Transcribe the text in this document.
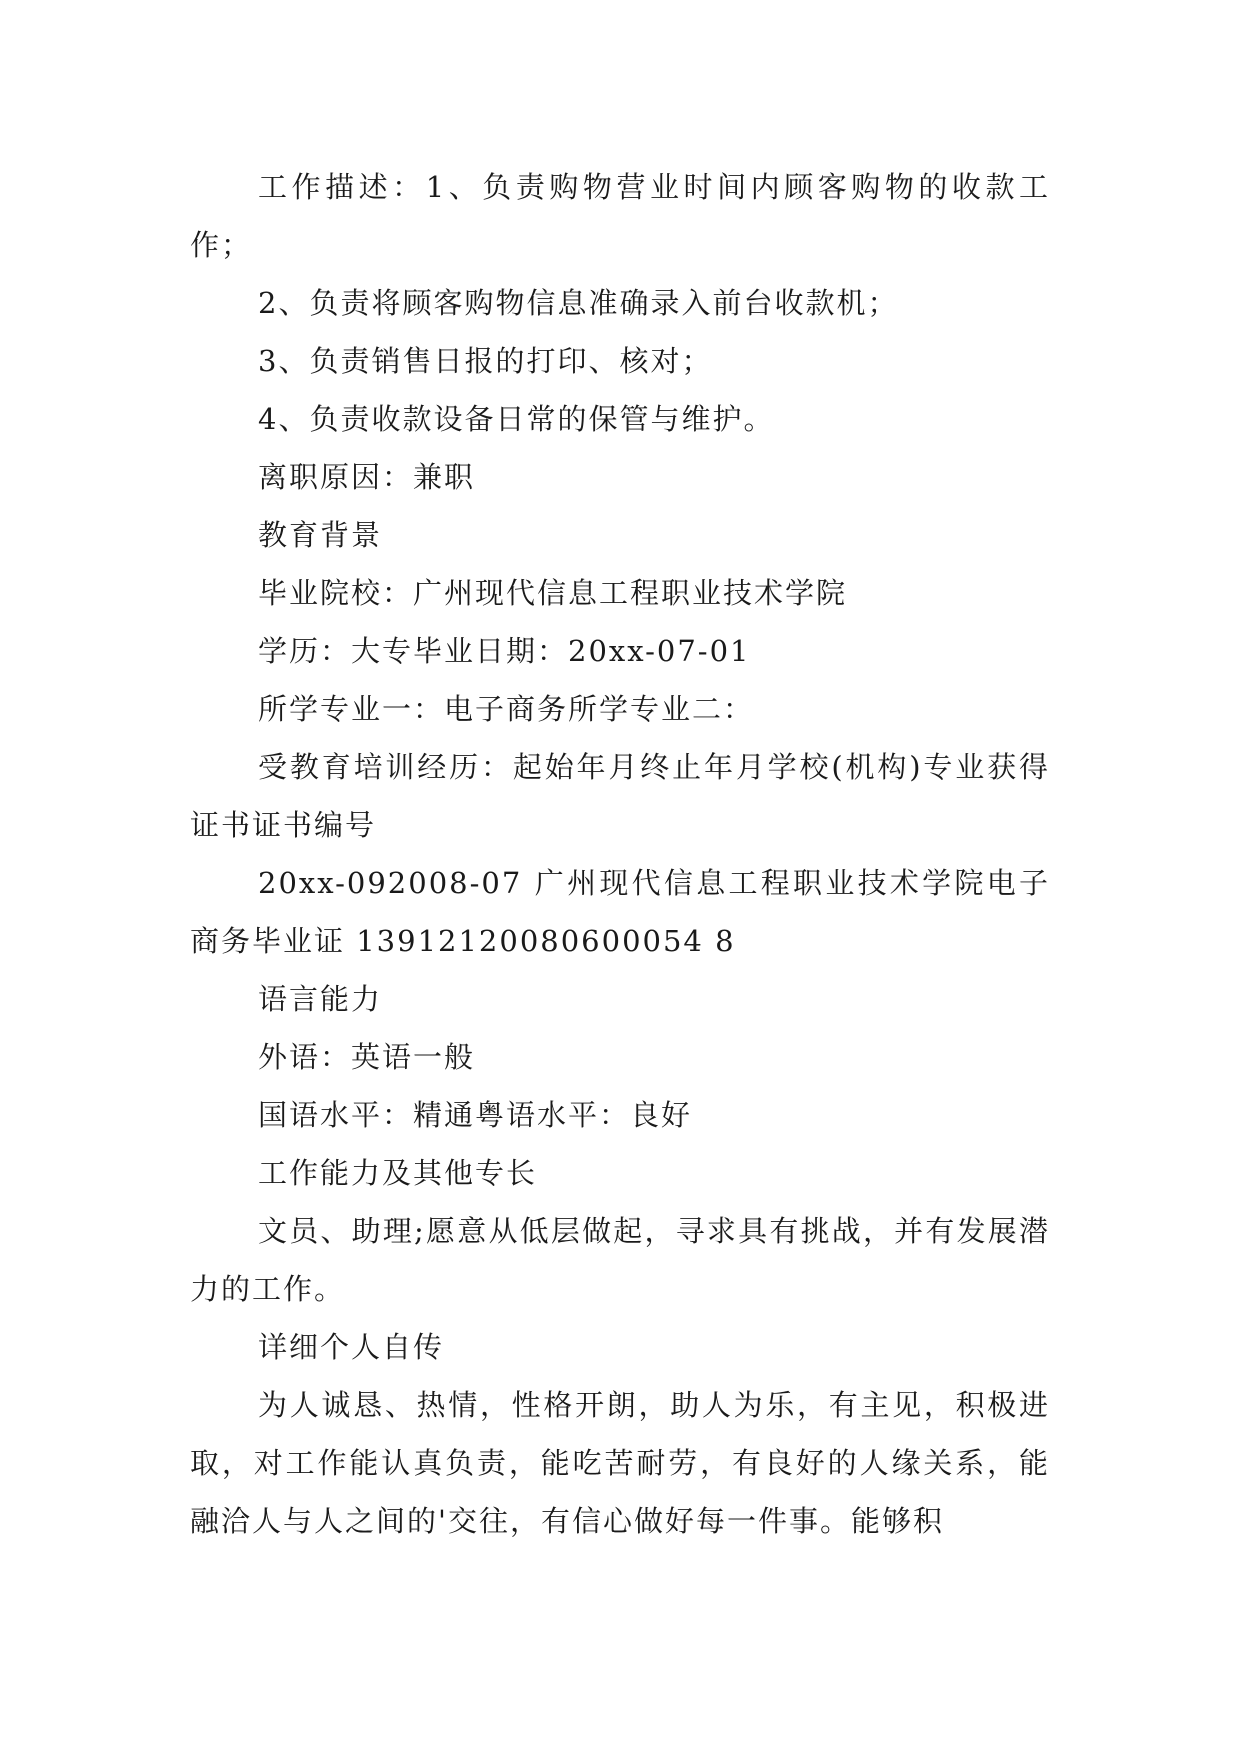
工作描述：1、负责购物营业时间内顾客购物的收款工作；

2、负责将顾客购物信息准确录入前台收款机；

3、负责销售日报的打印、核对；

4、负责收款设备日常的保管与维护。

离职原因：兼职

教育背景

毕业院校：广州现代信息工程职业技术学院

学历：大专毕业日期：20xx-07-01

所学专业一：电子商务所学专业二：

受教育培训经历：起始年月终止年月学校(机构)专业获得证书证书编号

20xx-092008-07 广州现代信息工程职业技术学院电子商务毕业证 13912120080600054 8

语言能力

外语：英语一般

国语水平：精通粤语水平：良好

工作能力及其他专长

文员、助理;愿意从低层做起，寻求具有挑战，并有发展潜力的工作。

详细个人自传

为人诚恳、热情，性格开朗，助人为乐，有主见，积极进取，对工作能认真负责，能吃苦耐劳，有良好的人缘关系，能融洽人与人之间的'交往，有信心做好每一件事。能够积
